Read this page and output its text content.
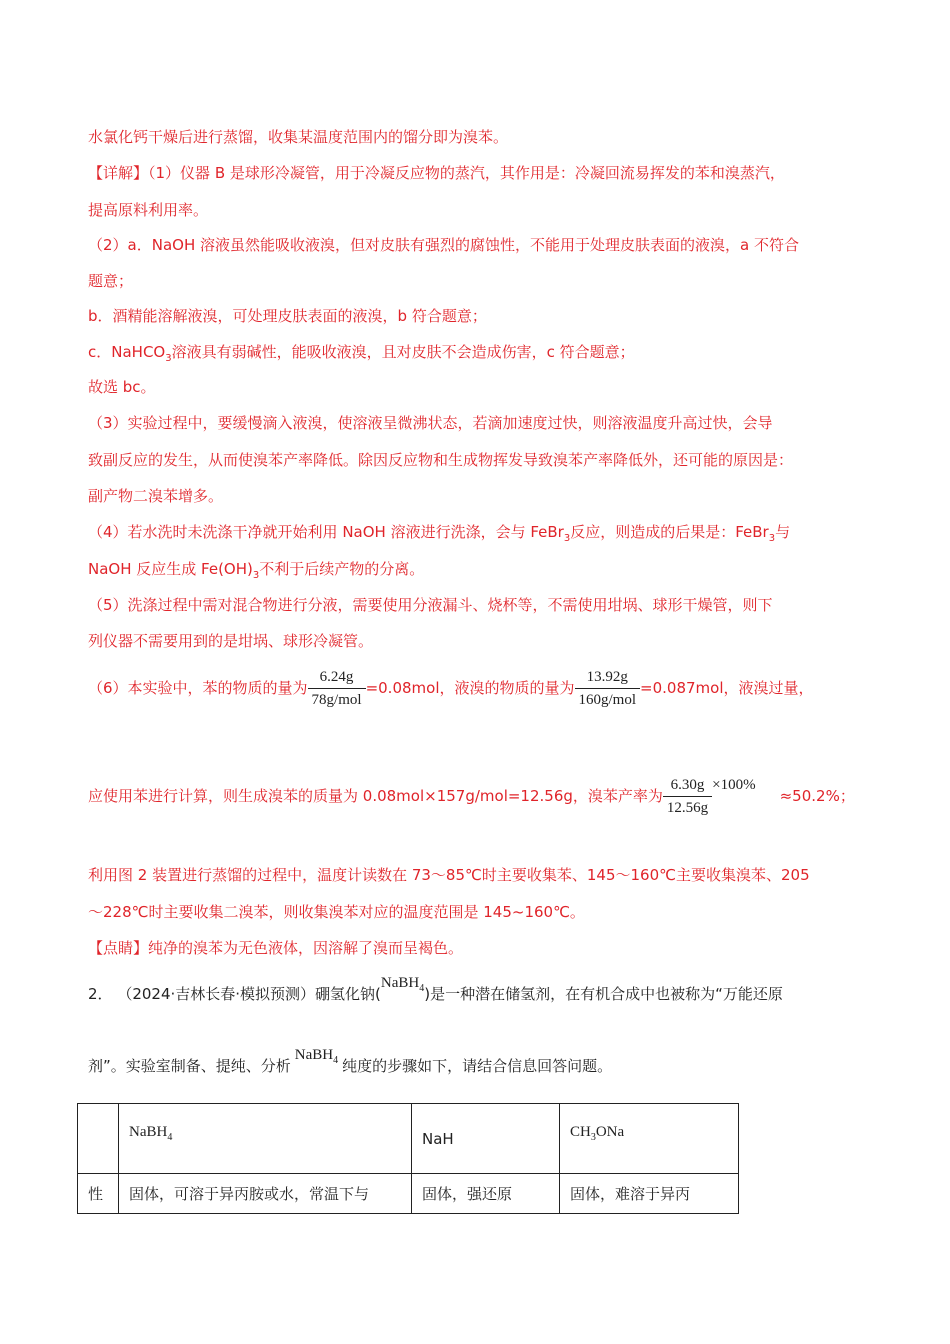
水氯化钙干燥后进行蒸馏，收集某温度范围内的馏分即为溴苯。
【详解】（1）仪器 B 是球形冷凝管，用于冷凝反应物的蒸汽，其作用是：冷凝回流易挥发的苯和溴蒸汽，
提高原料利用率。
（2）a．NaOH 溶液虽然能吸收液溴，但对皮肤有强烈的腐蚀性，不能用于处理皮肤表面的液溴，a 不符合
题意；
b．酒精能溶解液溴，可处理皮肤表面的液溴，b 符合题意；
c．NaHCO$_3$溶液具有弱碱性，能吸收液溴，且对皮肤不会造成伤害，c 符合题意；
故选 bc。
（3）实验过程中，要缓慢滴入液溴，使溶液呈微沸状态，若滴加速度过快，则溶液温度升高过快，会导
致副反应的发生，从而使溴苯产率降低。除因反应物和生成物挥发导致溴苯产率降低外，还可能的原因是：
副产物二溴苯增多。
（4）若水洗时未洗涤干净就开始利用 NaOH 溶液进行洗涤，会与 FeBr$_3$反应，则造成的后果是：FeBr$_3$与
NaOH 反应生成 $Fe(OH)_3$不利于后续产物的分离。
（5）洗涤过程中需对混合物进行分液，需要使用分液漏斗、烧杯等，不需使用坩埚、球形干燥管，则下
列仪器不需要用到的是坩埚、球形冷凝管。
（6）本实验中，苯的物质的量为 $\frac{6.24g}{\text{78g/mol}} =0.08mol$，液溴的物质的量为 $\frac{13.92g}{\text{160g/mol}} =0.087mol$，液溴过量，
应使用苯进行计算，则生成溴苯的质量为 0.08mol×157g/mol=12.56g，溴苯产率为 $\frac{6.30g}{12.56g} \times 100\%\approx 50.2\%$；
利用图 2 装置进行蒸馏的过程中，温度计读数在 73～85℃时主要收集苯、145～160℃主要收集溴苯、205
～228℃时主要收集二溴苯，则收集溴苯对应的温度范围是 145~160℃。
【点睛】纯净的溴苯为无色液体，因溶解了溴而呈褐色。
2． （2024·吉林长春·模拟预测）硼氢化钠(NaBH$_4$)是一种潜在储氢剂，在有机合成中也被称为“万能还原
剂”。实验室制备、提纯、分析NaBH$_4$ 纯度的步骤如下，请结合信息回答问题。
	NaBH$_4$	NaH	$CH_3ONa$
性	固体，可溶于异丙胺或水，常温下与	固体，强还原	固体，难溶于异丙
